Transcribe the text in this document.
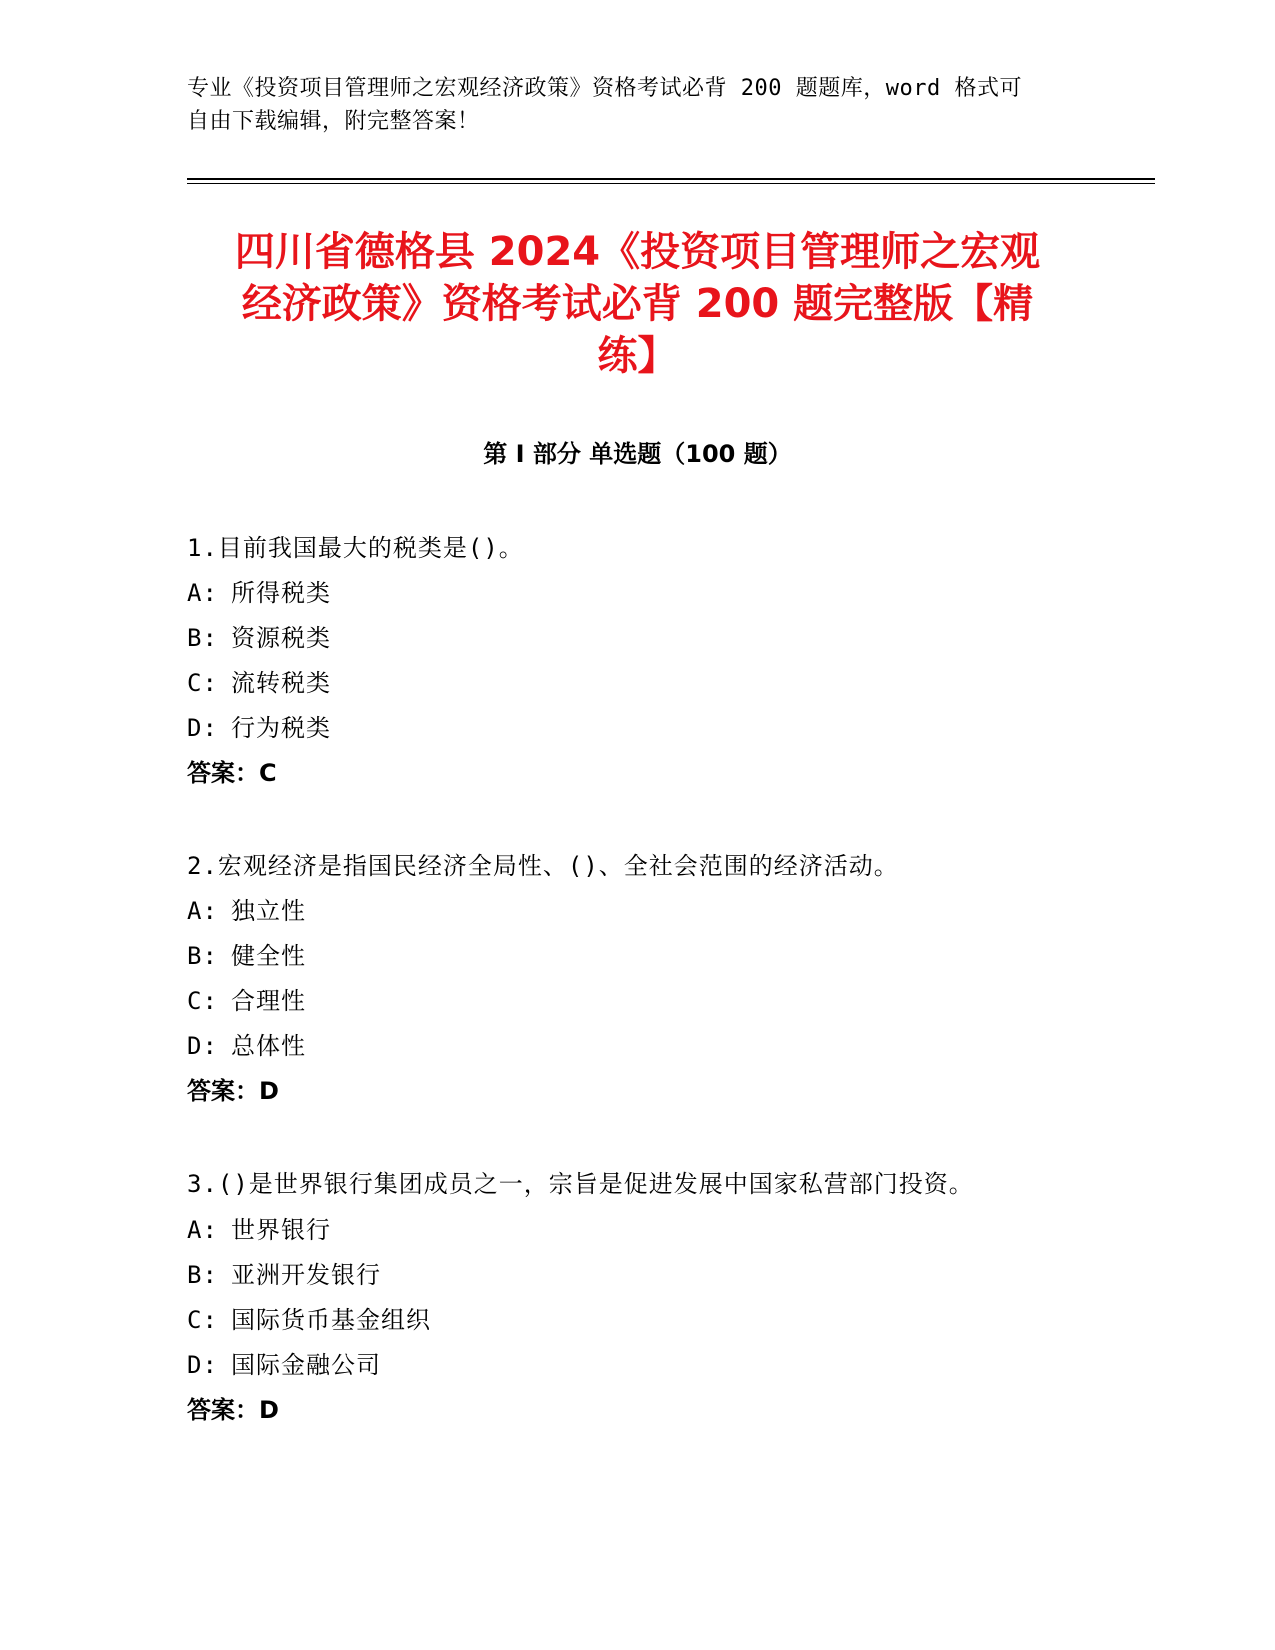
专业《投资项目管理师之宏观经济政策》资格考试必背 200 题题库，word 格式可
自由下载编辑，附完整答案！
四川省德格县 2024《投资项目管理师之宏观
经济政策》资格考试必背 200 题完整版【精
练】
第 I 部分 单选题（100 题）
1.目前我国最大的税类是()。
A: 所得税类
B: 资源税类
C: 流转税类
D: 行为税类
答案：C
2.宏观经济是指国民经济全局性、()、全社会范围的经济活动。
A: 独立性
B: 健全性
C: 合理性
D: 总体性
答案：D
3.()是世界银行集团成员之一，宗旨是促进发展中国家私营部门投资。
A: 世界银行
B: 亚洲开发银行
C: 国际货币基金组织
D: 国际金融公司
答案：D
